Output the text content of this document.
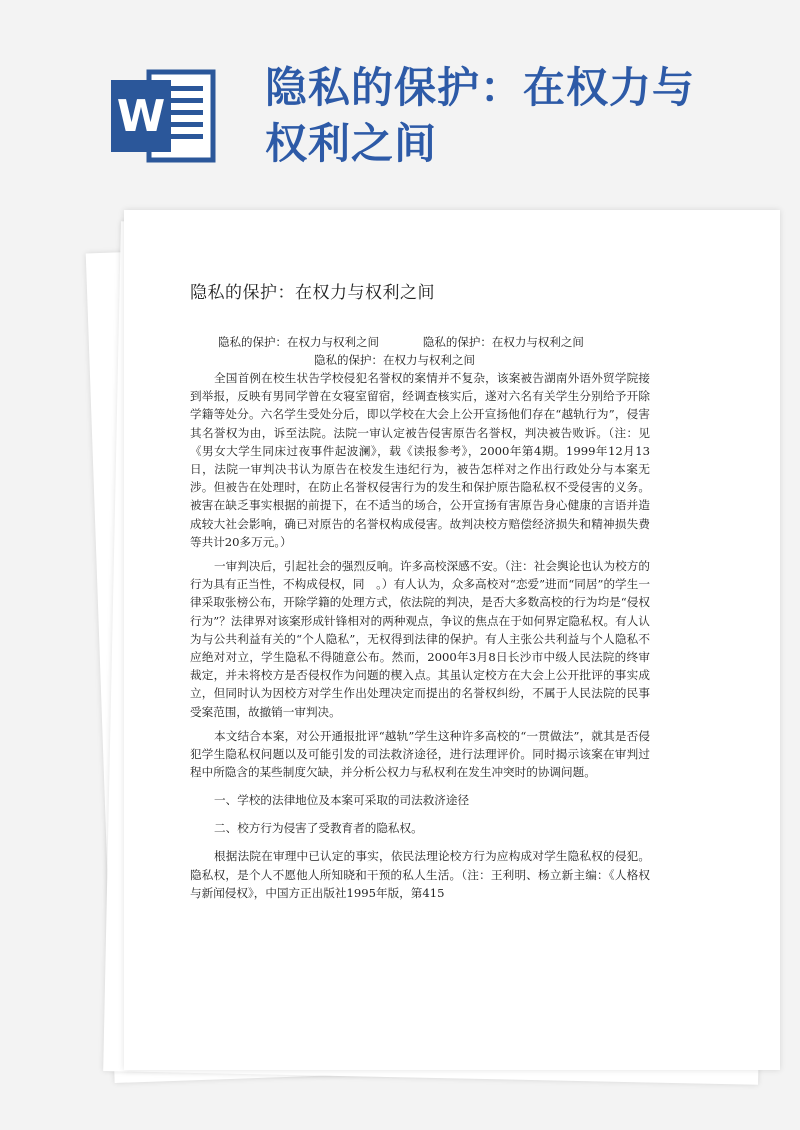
W
隐私的保护：在权力与
权利之间
隐私的保护：在权力与权利之间
隐私的保护：在权力与权利之间            隐私的保护：在权力与权利之间
隐私的保护：在权力与权利之间

全国首例在校生状告学校侵犯名誉权的案情并不复杂，该案被告湖南外语外贸学院接到举报，反映有男同学曾在女寝室留宿，经调查核实后，遂对六名有关学生分别给予开除学籍等处分。六名学生受处分后，即以学校在大会上公开宣扬他们存在“越轨行为”，侵害其名誉权为由，诉至法院。法院一审认定被告侵害原告名誉权，判决被告败诉。（注：见《男女大学生同床过夜事件起波澜》，载《读报参考》，2000年第4期。1999年12月13日，法院一审判决书认为原告在校发生违纪行为，被告怎样对之作出行政处分与本案无涉。但被告在处理时，在防止名誉权侵害行为的发生和保护原告隐私权不受侵害的义务。被害在缺乏事实根据的前提下，在不适当的场合，公开宣扬有害原告身心健康的言语并造成较大社会影响，确已对原告的名誉权构成侵害。故判决校方赔偿经济损失和精神损失费等共计20多万元。）

一审判决后，引起社会的强烈反响。许多高校深感不安。（注：社会舆论也认为校方的行为具有正当性，不构成侵权，同　。）有人认为，众多高校对“恋爱”进而“同居”的学生一律采取张榜公布，开除学籍的处理方式，依法院的判决，是否大多数高校的行为均是“侵权行为”？法律界对该案形成针锋相对的两种观点，争议的焦点在于如何界定隐私权。有人认为与公共利益有关的“个人隐私”，无权得到法律的保护。有人主张公共利益与个人隐私不应绝对对立，学生隐私不得随意公布。然而，2000年3月8日长沙市中级人民法院的终审裁定，并未将校方是否侵权作为问题的楔入点。其虽认定校方在大会上公开批评的事实成立，但同时认为因校方对学生作出处理决定而提出的名誉权纠纷，不属于人民法院的民事受案范围，故撤销一审判决。

本文结合本案，对公开通报批评“越轨”学生这种许多高校的“一贯做法”，就其是否侵犯学生隐私权问题以及可能引发的司法救济途径，进行法理评价。同时揭示该案在审判过程中所隐含的某些制度欠缺，并分析公权力与私权利在发生冲突时的协调问题。

一、学校的法律地位及本案可采取的司法救济途径
二、校方行为侵害了受教育者的隐私权。

根据法院在审理中已认定的事实，依民法理论校方行为应构成对学生隐私权的侵犯。隐私权，是个人不愿他人所知晓和干预的私人生活。（注：王利明、杨立新主编：《人格权与新闻侵权》，中国方正出版社1995年版，第415
